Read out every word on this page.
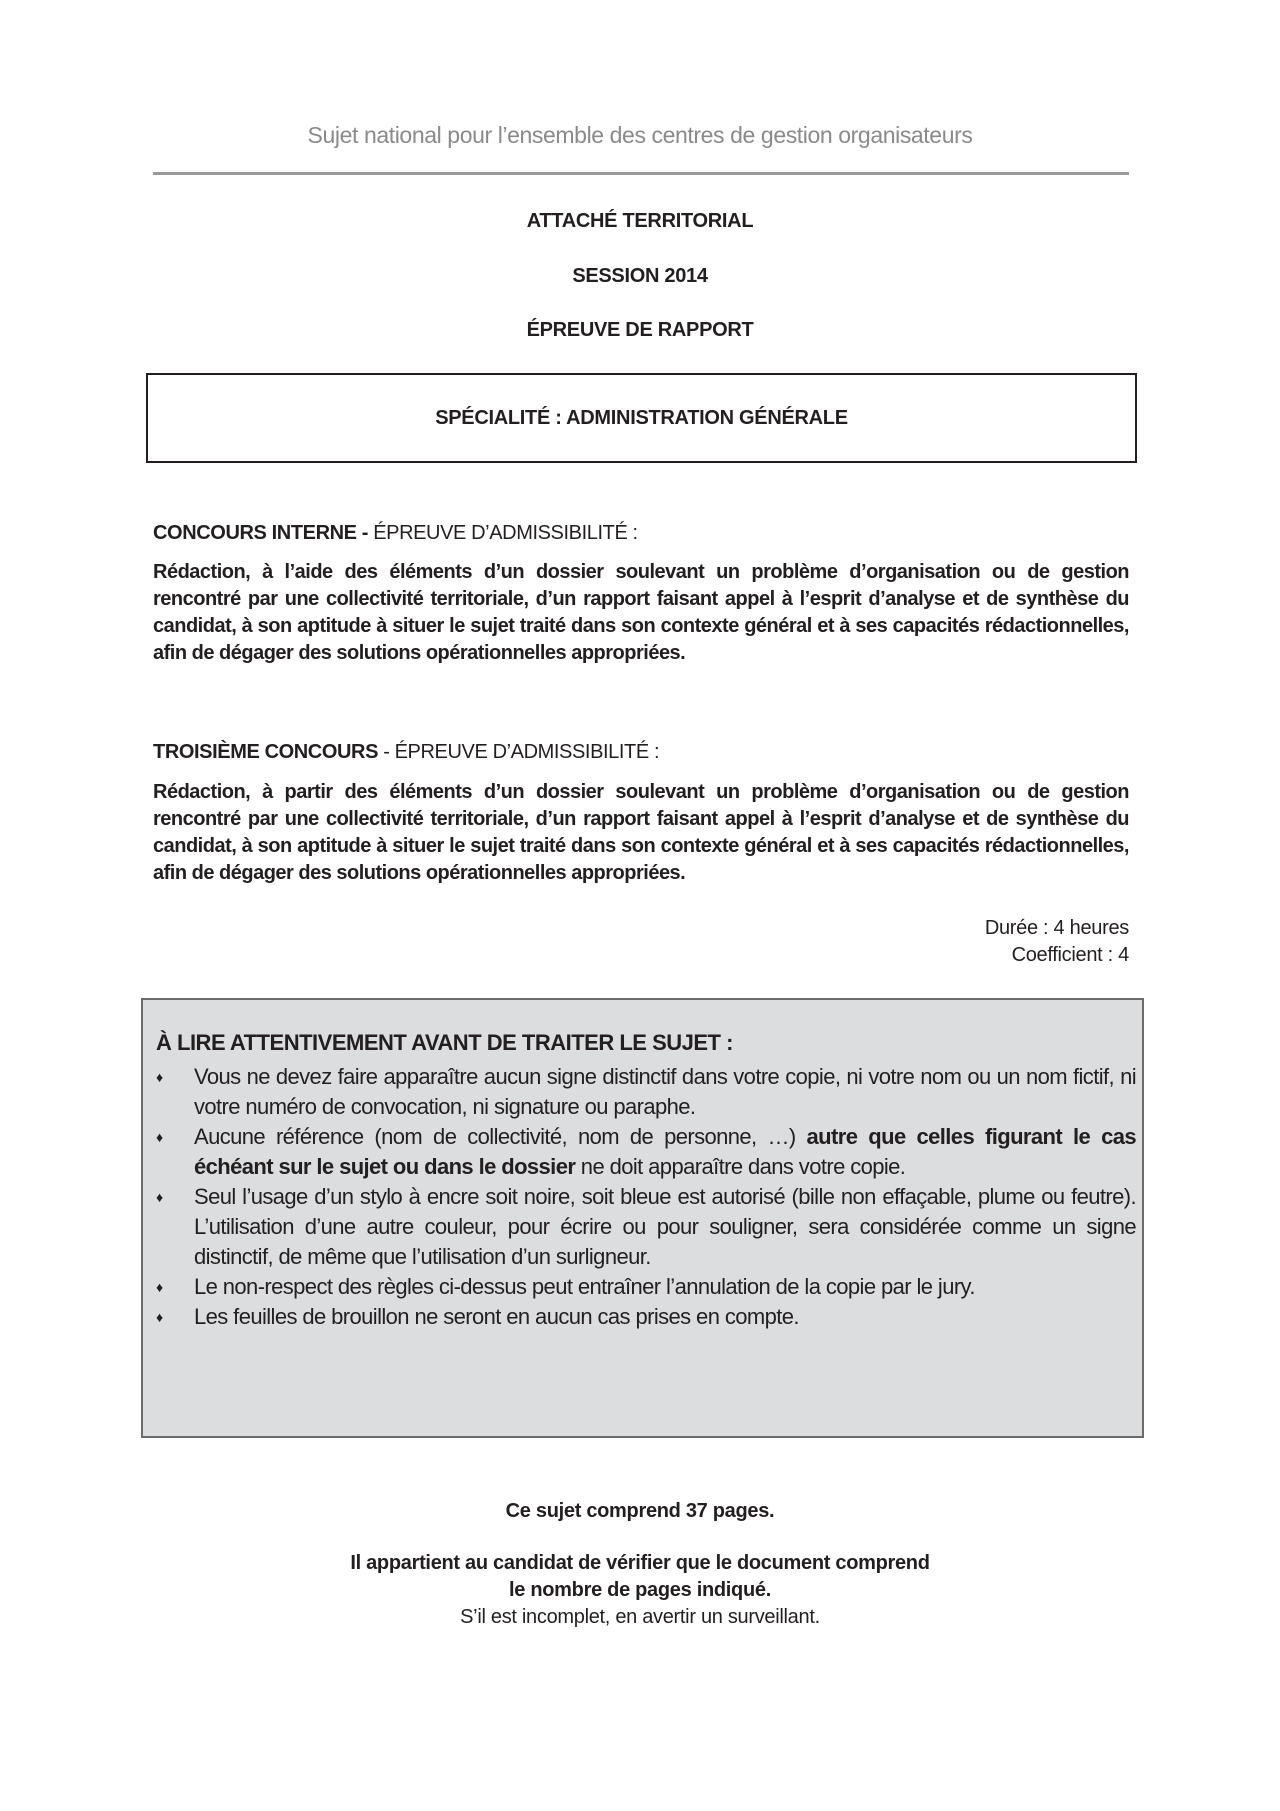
Sujet national pour l’ensemble des centres de gestion organisateurs
ATTACHÉ TERRITORIAL
SESSION 2014
ÉPREUVE DE RAPPORT
SPÉCIALITÉ : ADMINISTRATION GÉNÉRALE
CONCOURS INTERNE - ÉPREUVE D’ADMISSIBILITÉ :
Rédaction, à l’aide des éléments d’un dossier soulevant un problème d’organisation ou de gestion rencontré par une collectivité territoriale, d’un rapport faisant appel à l’esprit d’analyse et de synthèse du candidat, à son aptitude à situer le sujet traité dans son contexte général et à ses capacités rédactionnelles, afin de dégager des solutions opérationnelles appropriées.
TROISIÈME CONCOURS - ÉPREUVE D’ADMISSIBILITÉ :
Rédaction, à partir des éléments d’un dossier soulevant un problème d’organisation ou de gestion rencontré par une collectivité territoriale, d’un rapport faisant appel à l’esprit d’analyse et de synthèse du candidat, à son aptitude à situer le sujet traité dans son contexte général et à ses capacités rédactionnelles, afin de dégager des solutions opérationnelles appropriées.
Durée : 4 heures
Coefficient : 4
À LIRE ATTENTIVEMENT AVANT DE TRAITER LE SUJET :
♦ Vous ne devez faire apparaître aucun signe distinctif dans votre copie, ni votre nom ou un nom fictif, ni votre numéro de convocation, ni signature ou paraphe.
♦ Aucune référence (nom de collectivité, nom de personne, …) autre que celles figurant le cas échéant sur le sujet ou dans le dossier ne doit apparaître dans votre copie.
♦ Seul l’usage d’un stylo à encre soit noire, soit bleue est autorisé (bille non effaçable, plume ou feutre). L’utilisation d’une autre couleur, pour écrire ou pour souligner, sera considérée comme un signe distinctif, de même que l’utilisation d’un surligneur.
♦ Le non-respect des règles ci-dessus peut entraîner l’annulation de la copie par le jury.
♦ Les feuilles de brouillon ne seront en aucun cas prises en compte.
Ce sujet comprend 37 pages.
Il appartient au candidat de vérifier que le document comprend
le nombre de pages indiqué.
S’il est incomplet, en avertir un surveillant.
